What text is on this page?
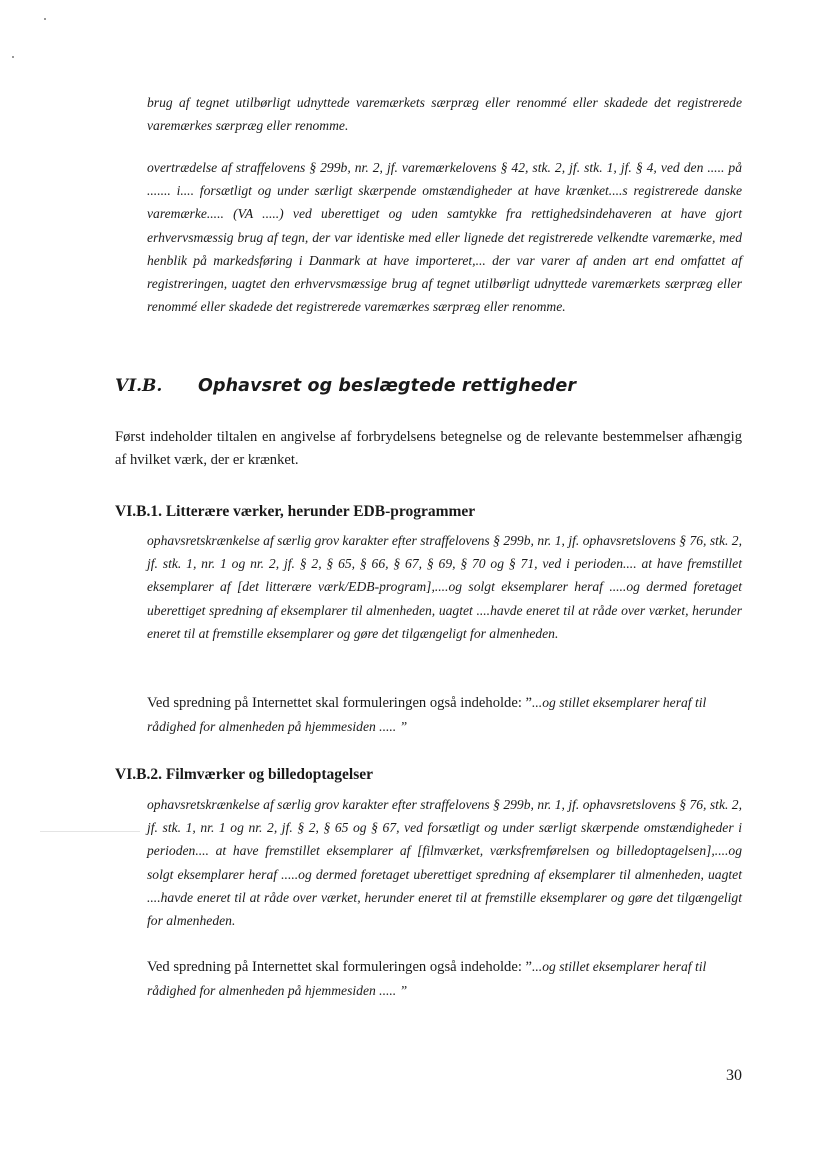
brug af tegnet utilbørligt udnyttede varemærkets særpræg eller renommé eller skadede det registrerede varemærkes særpræg eller renomme.

overtrædelse af straffelovens § 299b, nr. 2, jf. varemærkelovens § 42, stk. 2, jf. stk. 1, jf. § 4, ved den ..... på ....... i.... forsætligt og under særligt skærpende omstændigheder at have krænket....s registrerede danske varemærke..... (VA .....) ved uberettiget og uden samtykke fra rettighedsindehaveren at have gjort erhvervsmæssig brug af tegn, der var identiske med eller lignede det registrerede velkendte varemærke, med henblik på markedsføring i Danmark at have importeret,... der var varer af anden art end omfattet af registreringen, uagtet den erhvervsmæssige brug af tegnet utilbørligt udnyttede varemærkets særpræg eller renommé eller skadede det registrerede varemærkes særpræg eller renomme.

VI.B. Ophavsret og beslægtede rettigheder

Først indeholder tiltalen en angivelse af forbrydelsens betegnelse og de relevante bestemmelser afhængig af hvilket værk, der er krænket.

VI.B.1. Litterære værker, herunder EDB-programmer

ophavsretskrænkelse af særlig grov karakter efter straffelovens § 299b, nr. 1, jf. ophavsretslovens § 76, stk. 2, jf. stk. 1, nr. 1 og nr. 2, jf. § 2, § 65, § 66, § 67, § 69, § 70 og § 71, ved i perioden.... at have fremstillet eksemplarer af [det litterære værk/EDB-program],....og solgt eksemplarer heraf .....og dermed foretaget uberettiget spredning af eksemplarer til almenheden, uagtet ....havde eneret til at råde over værket, herunder eneret til at fremstille eksemplarer og gøre det tilgængeligt for almenheden.

Ved spredning på Internettet skal formuleringen også indeholde: ”...og stillet eksemplarer heraf til rådighed for almenheden på hjemmesiden ..... ”

VI.B.2. Filmværker og billedoptagelser

ophavsretskrænkelse af særlig grov karakter efter straffelovens § 299b, nr. 1, jf. ophavsretslovens § 76, stk. 2, jf. stk. 1, nr. 1 og nr. 2, jf. § 2, § 65 og § 67, ved forsætligt og under særligt skærpende omstændigheder i perioden.... at have fremstillet eksemplarer af [filmværket, værksfremførelsen og billedoptagelsen],....og solgt eksemplarer heraf .....og dermed foretaget uberettiget spredning af eksemplarer til almenheden, uagtet ....havde eneret til at råde over værket, herunder eneret til at fremstille eksemplarer og gøre det tilgængeligt for almenheden.

Ved spredning på Internettet skal formuleringen også indeholde: ”...og stillet eksemplarer heraf til rådighed for almenheden på hjemmesiden ..... ”

30
